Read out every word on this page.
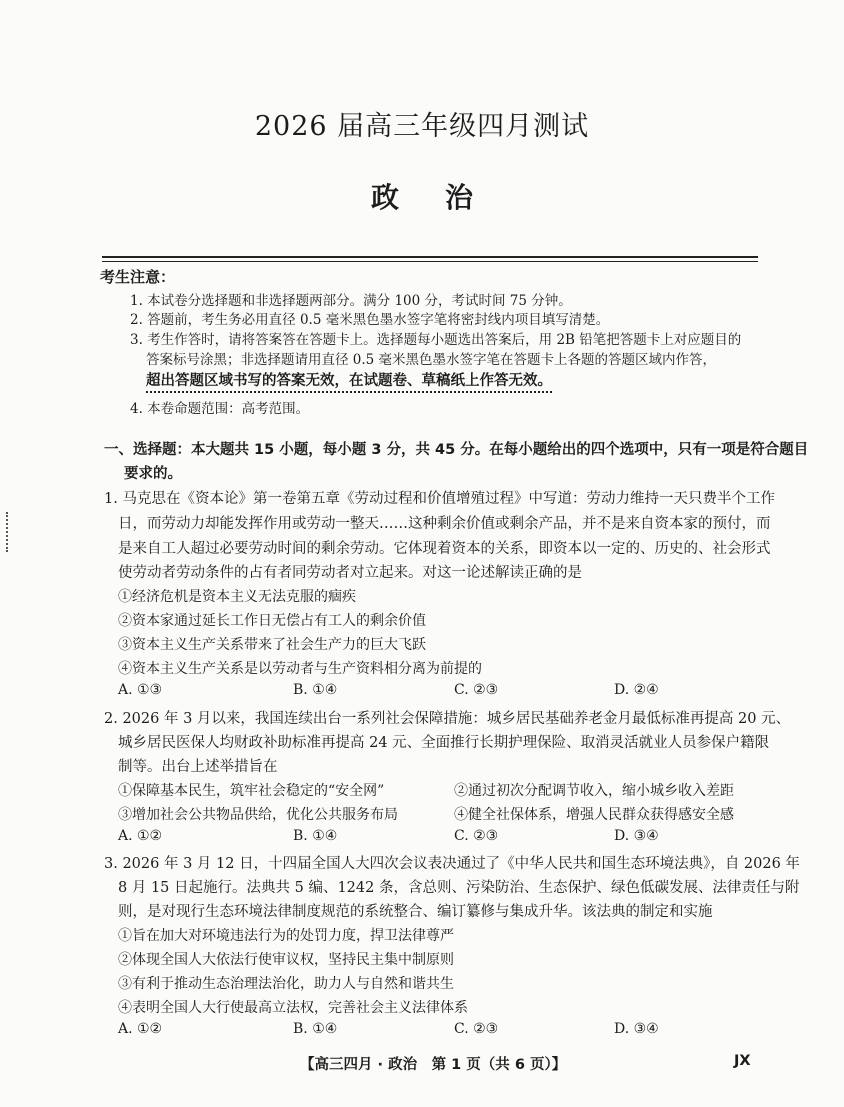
2026 届高三年级四月测试
政治
考生注意：
1. 本试卷分选择题和非选择题两部分。满分 100 分，考试时间 75 分钟。
2. 答题前，考生务必用直径 0.5 毫米黑色墨水签字笔将密封线内项目填写清楚。
3. 考生作答时，请将答案答在答题卡上。选择题每小题选出答案后，用 2B 铅笔把答题卡上对应题目的
答案标号涂黑；非选择题请用直径 0.5 毫米黑色墨水签字笔在答题卡上各题的答题区域内作答，
超出答题区域书写的答案无效，在试题卷、草稿纸上作答无效。
4. 本卷命题范围：高考范围。
一、选择题：本大题共 15 小题，每小题 3 分，共 45 分。在每小题给出的四个选项中，只有一项是符合题目
要求的。
1. 马克思在《资本论》第一卷第五章《劳动过程和价值增殖过程》中写道：劳动力维持一天只费半个工作
日，而劳动力却能发挥作用或劳动一整天……这种剩余价值或剩余产品，并不是来自资本家的预付，而
是来自工人超过必要劳动时间的剩余劳动。它体现着资本的关系，即资本以一定的、历史的、社会形式
使劳动者劳动条件的占有者同劳动者对立起来。对这一论述解读正确的是
①经济危机是资本主义无法克服的痼疾
②资本家通过延长工作日无偿占有工人的剩余价值
③资本主义生产关系带来了社会生产力的巨大飞跃
④资本主义生产关系是以劳动者与生产资料相分离为前提的
A. ①③	B. ①④	C. ②③	D. ②④
2. 2026 年 3 月以来，我国连续出台一系列社会保障措施：城乡居民基础养老金月最低标准再提高 20 元、
城乡居民医保人均财政补助标准再提高 24 元、全面推行长期护理保险、取消灵活就业人员参保户籍限
制等。出台上述举措旨在
①保障基本民生，筑牢社会稳定的“安全网”	②通过初次分配调节收入，缩小城乡收入差距
③增加社会公共物品供给，优化公共服务布局	④健全社保体系，增强人民群众获得感安全感
A. ①②	B. ①④	C. ②③	D. ③④
3. 2026 年 3 月 12 日，十四届全国人大四次会议表决通过了《中华人民共和国生态环境法典》，自 2026 年
8 月 15 日起施行。法典共 5 编、1242 条，含总则、污染防治、生态保护、绿色低碳发展、法律责任与附
则，是对现行生态环境法律制度规范的系统整合、编订纂修与集成升华。该法典的制定和实施
①旨在加大对环境违法行为的处罚力度，捍卫法律尊严
②体现全国人大依法行使审议权，坚持民主集中制原则
③有利于推动生态治理法治化，助力人与自然和谐共生
④表明全国人大行使最高立法权，完善社会主义法律体系
A. ①②	B. ①④	C. ②③	D. ③④
【高三四月 · 政治　第 1 页（共 6 页）】	JX
